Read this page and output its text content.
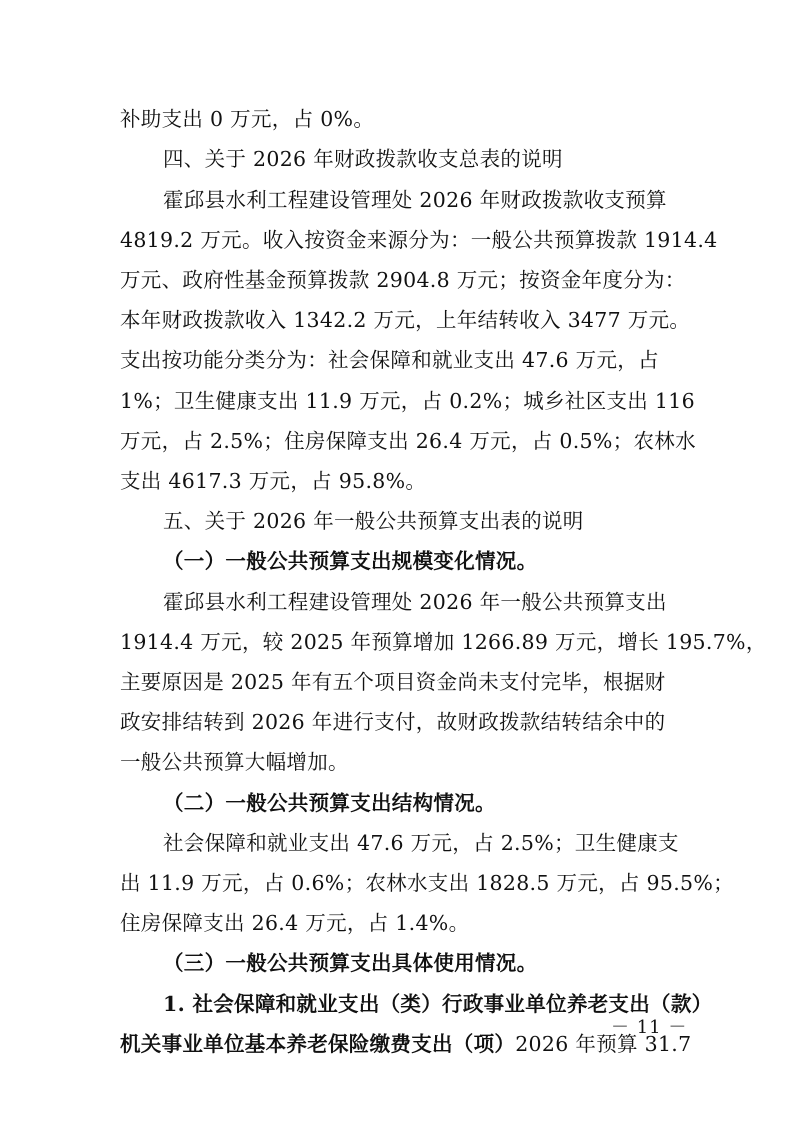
补助支出 0 万元，占 0%。
四、关于 2026 年财政拨款收支总表的说明
霍邱县水利工程建设管理处 2026 年财政拨款收支预算
4819.2 万元。收入按资金来源分为：一般公共预算拨款 1914.4
万元、政府性基金预算拨款 2904.8 万元；按资金年度分为：
本年财政拨款收入 1342.2 万元，上年结转收入 3477 万元。
支出按功能分类分为：社会保障和就业支出 47.6 万元，占
1%；卫生健康支出 11.9 万元，占 0.2%；城乡社区支出 116
万元，占 2.5%；住房保障支出 26.4 万元，占 0.5%；农林水
支出 4617.3 万元，占 95.8%。
五、关于 2026 年一般公共预算支出表的说明
（一）一般公共预算支出规模变化情况。
霍邱县水利工程建设管理处 2026 年一般公共预算支出
1914.4 万元，较 2025 年预算增加 1266.89 万元，增长 195.7%，
主要原因是 2025 年有五个项目资金尚未支付完毕，根据财
政安排结转到 2026 年进行支付，故财政拨款结转结余中的
一般公共预算大幅增加。
（二）一般公共预算支出结构情况。
社会保障和就业支出 47.6 万元，占 2.5%；卫生健康支
出 11.9 万元，占 0.6%；农林水支出 1828.5 万元，占 95.5%；
住房保障支出 26.4 万元，占 1.4%。
（三）一般公共预算支出具体使用情况。
1. 社会保障和就业支出（类）行政事业单位养老支出（款）
机关事业单位基本养老保险缴费支出（项）2026 年预算 31.7
－ 11 －
